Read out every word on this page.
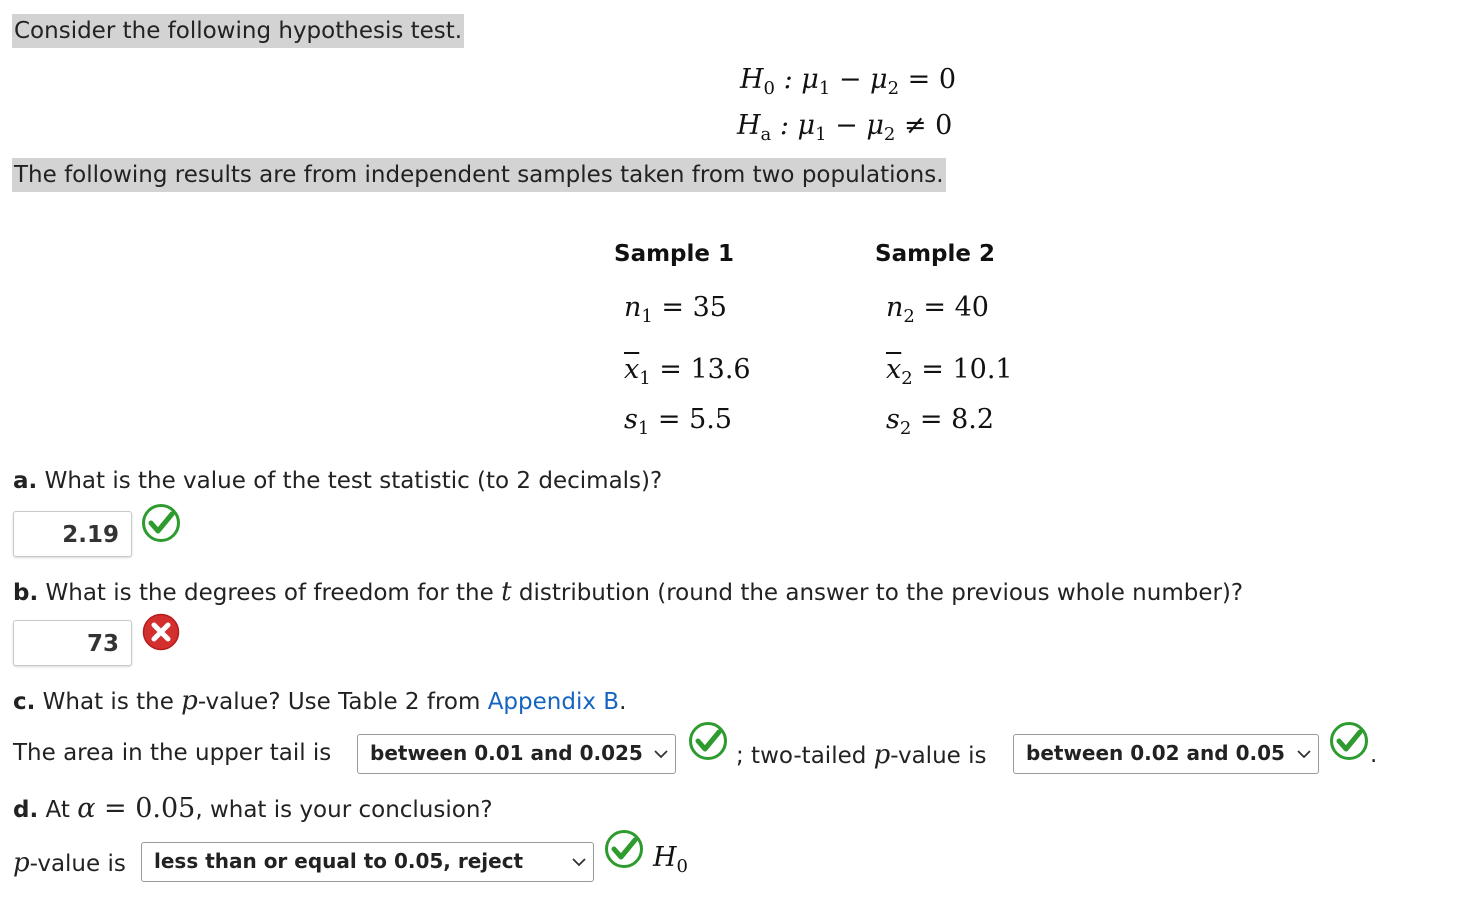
Consider the following hypothesis test.
$H_0$ : $\mu_1 - \mu_2 = 0$
$H_a$ : $\mu_1 - \mu_2 \ne 0$
The following results are from independent samples taken from two populations.
Sample 1	Sample 2
$n_1 = 35$	$n_2 = 40$
$\overline{x}_1 = 13.6$	$\overline{x}_2 = 10.1$
$s_1 = 5.5$	$s_2 = 8.2$
a. What is the value of the test statistic (to 2 decimals)?
2.19
b. What is the degrees of freedom for the t distribution (round the answer to the previous whole number)?
73
c. What is the p-value? Use Table 2 from Appendix B.
The area in the upper tail is	between 0.01 and 0.025	; two-tailed p-value is	between 0.02 and 0.05	.
d. At α = 0.05, what is your conclusion?
p-value is	less than or equal to 0.05, reject	$H_0$
